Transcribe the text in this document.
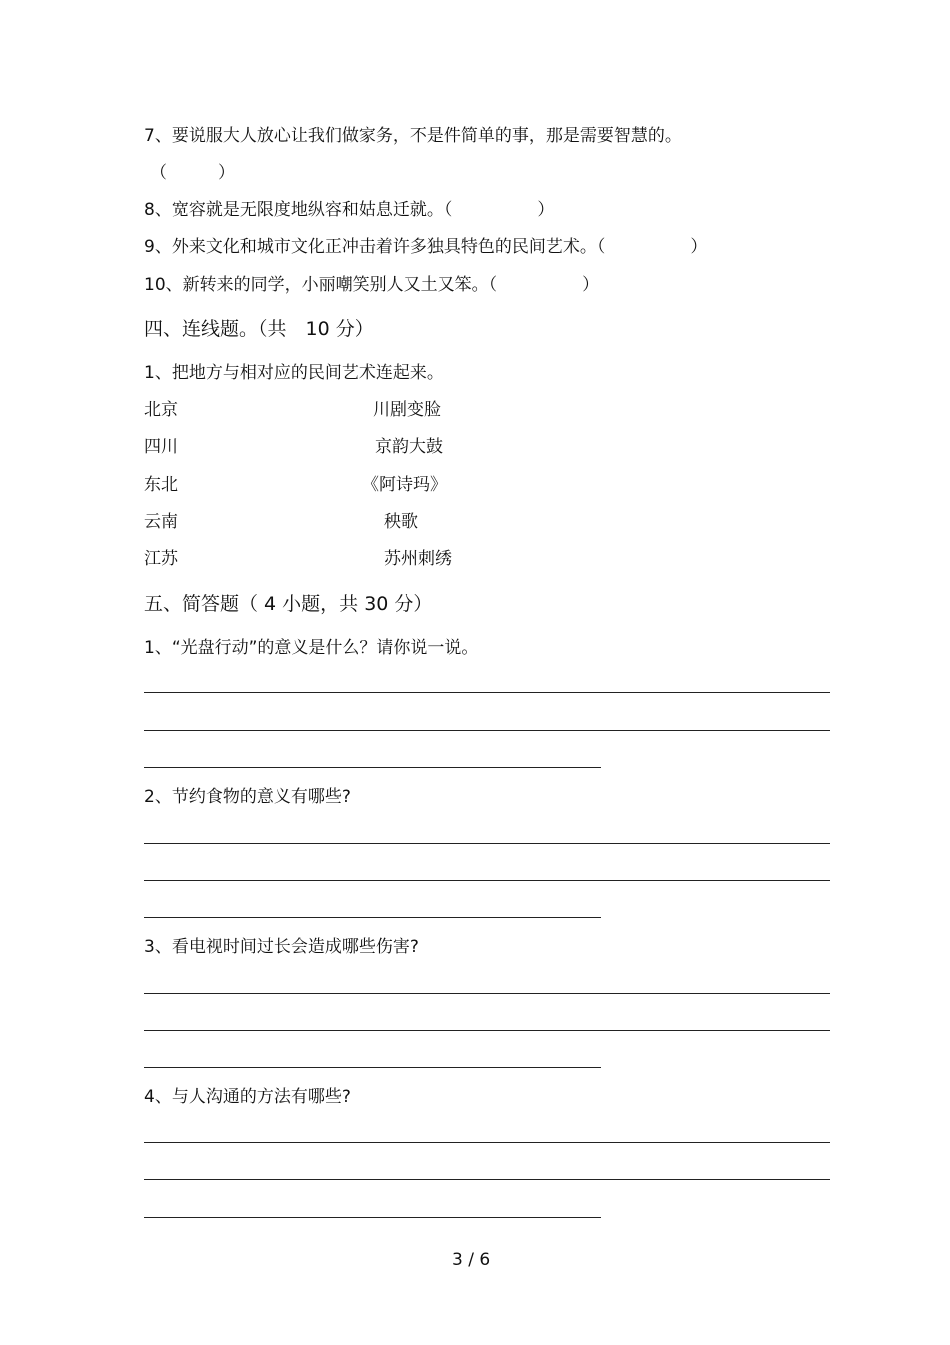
7、要说服大人放心让我们做家务，不是件简单的事，那是需要智慧的。
（　　　）
8、宽容就是无限度地纵容和姑息迁就。（　　　　　）
9、外来文化和城市文化正冲击着许多独具特色的民间艺术。（　　　　　）
10、新转来的同学，小丽嘲笑别人又土又笨。（　　　　　）
四、连线题。（共　10 分）
1、把地方与相对应的民间艺术连起来。
北京
四川
东北
云南
江苏
川剧变脸
京韵大鼓
《阿诗玛》
秧歌
苏州刺绣
五、简答题（ 4 小题，共 30 分）
1、“光盘行动”的意义是什么？请你说一说。
2、节约食物的意义有哪些?
3、看电视时间过长会造成哪些伤害?
4、与人沟通的方法有哪些?
3 / 6
